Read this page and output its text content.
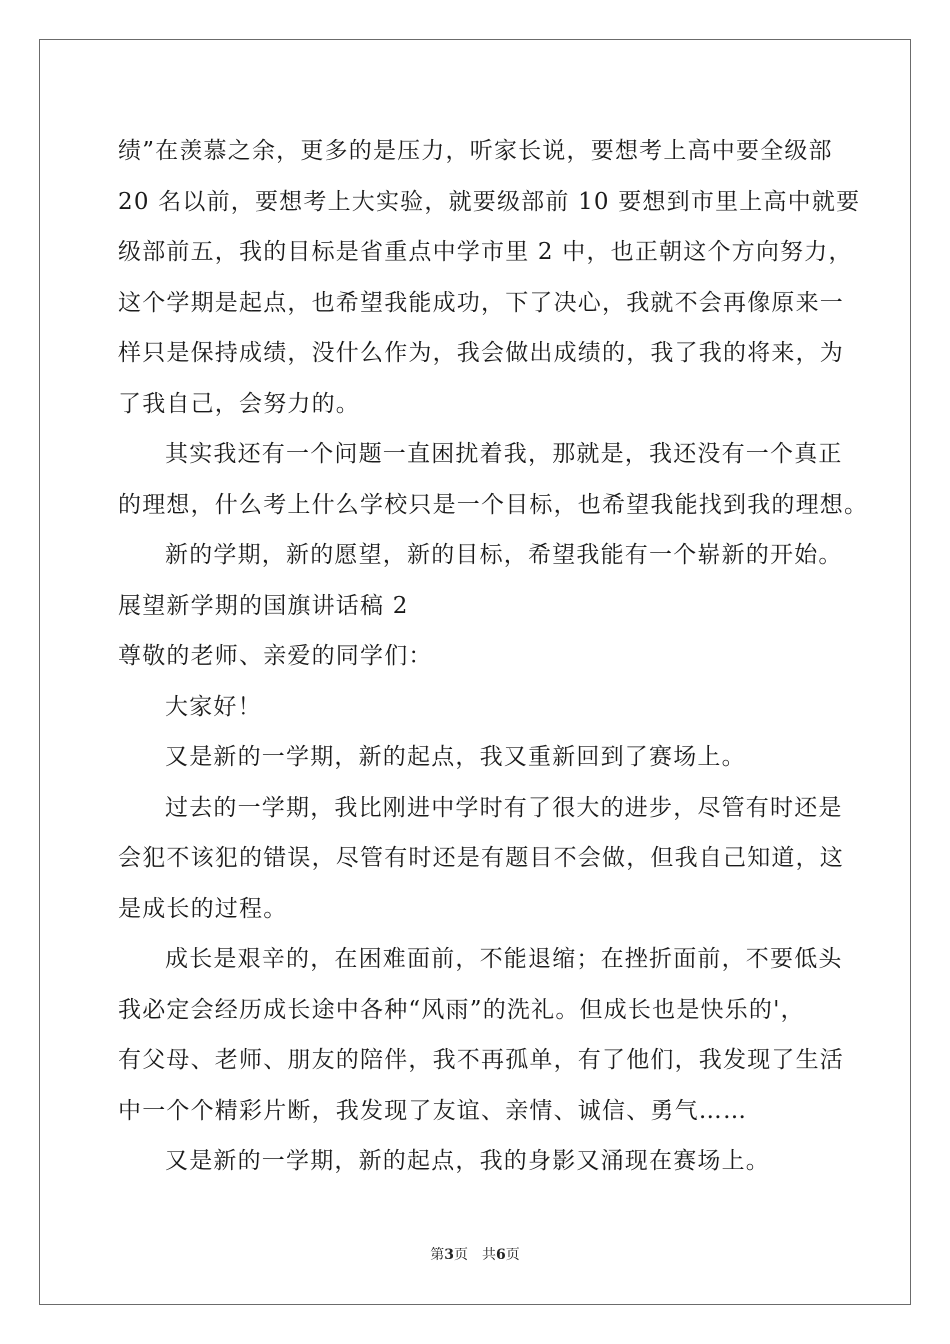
绩”在羡慕之余，更多的是压力，听家长说，要想考上高中要全级部
20 名以前，要想考上大实验，就要级部前 10 要想到市里上高中就要
级部前五，我的目标是省重点中学市里 2 中，也正朝这个方向努力，
这个学期是起点，也希望我能成功，下了决心，我就不会再像原来一
样只是保持成绩，没什么作为，我会做出成绩的，我了我的将来，为
了我自己，会努力的。
其实我还有一个问题一直困扰着我，那就是，我还没有一个真正
的理想，什么考上什么学校只是一个目标，也希望我能找到我的理想。
新的学期，新的愿望，新的目标，希望我能有一个崭新的开始。
展望新学期的国旗讲话稿 2
尊敬的老师、亲爱的同学们：
大家好！
又是新的一学期，新的起点，我又重新回到了赛场上。
过去的一学期，我比刚进中学时有了很大的进步，尽管有时还是
会犯不该犯的错误，尽管有时还是有题目不会做，但我自己知道，这
是成长的过程。
成长是艰辛的，在困难面前，不能退缩；在挫折面前，不要低头
我必定会经历成长途中各种“风雨”的洗礼。但成长也是快乐的'，
有父母、老师、朋友的陪伴，我不再孤单，有了他们，我发现了生活
中一个个精彩片断，我发现了友谊、亲情、诚信、勇气……
又是新的一学期，新的起点，我的身影又涌现在赛场上。
第3页 共6页
